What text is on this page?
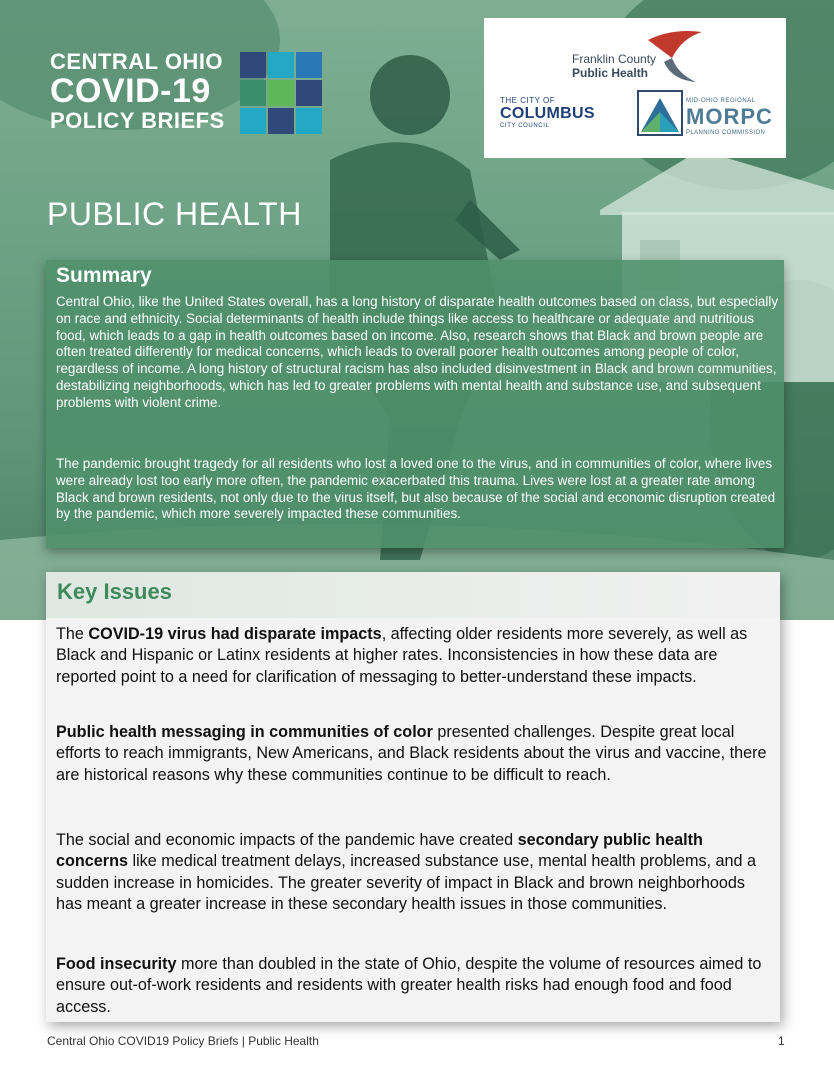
CENTRAL OHIO
COVID-19
POLICY BRIEFS
Franklin County
Public Health
THE CITY OF
COLUMBUS
CITY COUNCIL
MID-OHIO REGIONAL
MORPC
PLANNING COMMISSION
PUBLIC HEALTH
Summary

Central Ohio, like the United States overall, has a long history of disparate health outcomes based on class, but especially on race and ethnicity. Social determinants of health include things like access to healthcare or adequate and nutritious food, which leads to a gap in health outcomes based on income. Also, research shows that Black and brown people are often treated differently for medical concerns, which leads to overall poorer health outcomes among people of color, regardless of income. A long history of structural racism has also included disinvestment in Black and brown communities, destabilizing neighborhoods, which has led to greater problems with mental health and substance use, and subsequent problems with violent crime.

The pandemic brought tragedy for all residents who lost a loved one to the virus, and in communities of color, where lives were already lost too early more often, the pandemic exacerbated this trauma. Lives were lost at a greater rate among Black and brown residents, not only due to the virus itself, but also because of the social and economic disruption created by the pandemic, which more severely impacted these communities.

Key Issues

The COVID-19 virus had disparate impacts, affecting older residents more severely, as well as Black and Hispanic or Latinx residents at higher rates. Inconsistencies in how these data are reported point to a need for clarification of messaging to better-understand these impacts.

Public health messaging in communities of color presented challenges. Despite great local efforts to reach immigrants, New Americans, and Black residents about the virus and vaccine, there are historical reasons why these communities continue to be difficult to reach.

The social and economic impacts of the pandemic have created secondary public health concerns like medical treatment delays, increased substance use, mental health problems, and a sudden increase in homicides. The greater severity of impact in Black and brown neighborhoods has meant a greater increase in these secondary health issues in those communities.

Food insecurity more than doubled in the state of Ohio, despite the volume of resources aimed to ensure out-of-work residents and residents with greater health risks had enough food and food access.

Central Ohio COVID19 Policy Briefs | Public Health	1
